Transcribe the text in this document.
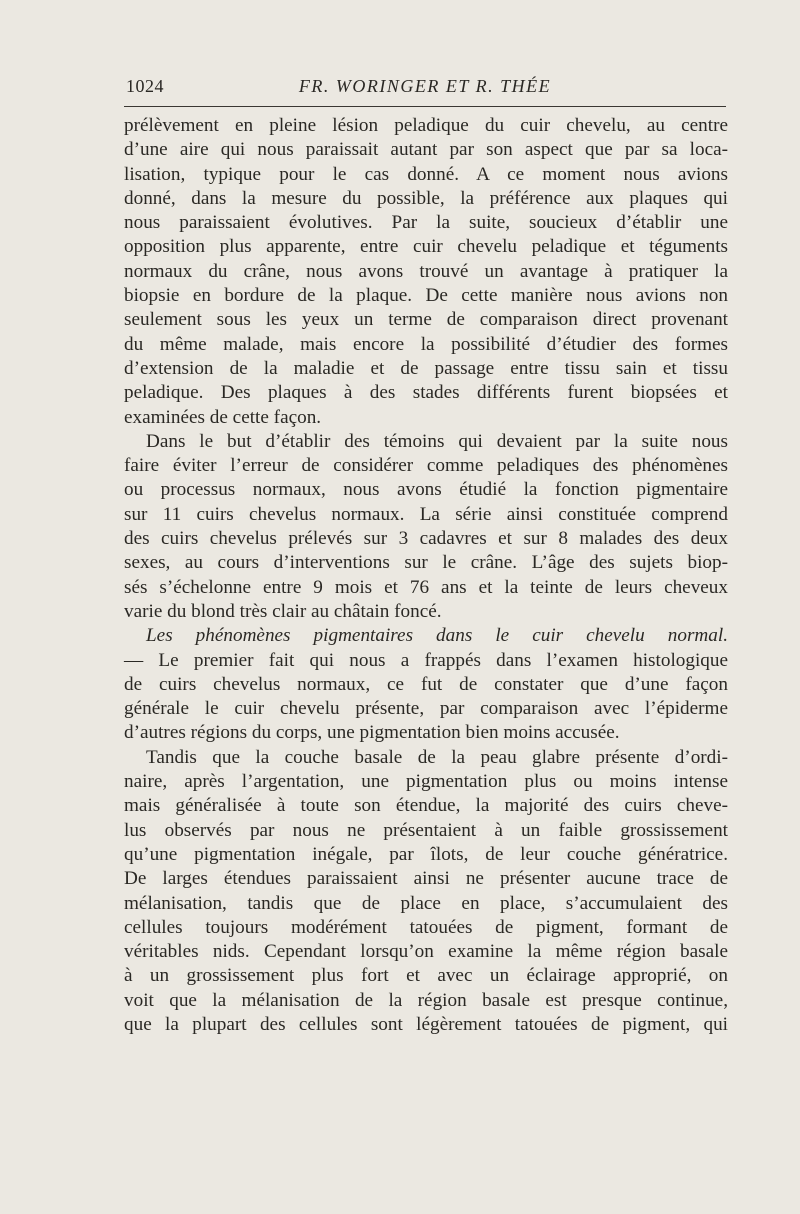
1024	FR. WORINGER ET R. THÉE
prélèvement en pleine lésion peladique du cuir chevelu, au centre
d’une aire qui nous paraissait autant par son aspect que par sa loca-
lisation, typique pour le cas donné. A ce moment nous avions
donné, dans la mesure du possible, la préférence aux plaques qui
nous paraissaient évolutives. Par la suite, soucieux d’établir une
opposition plus apparente, entre cuir chevelu peladique et téguments
normaux du crâne, nous avons trouvé un avantage à pratiquer la
biopsie en bordure de la plaque. De cette manière nous avions non
seulement sous les yeux un terme de comparaison direct provenant
du même malade, mais encore la possibilité d’étudier des formes
d’extension de la maladie et de passage entre tissu sain et tissu
peladique. Des plaques à des stades différents furent biopsées et
examinées de cette façon.
Dans le but d’établir des témoins qui devaient par la suite nous
faire éviter l’erreur de considérer comme peladiques des phénomènes
ou processus normaux, nous avons étudié la fonction pigmentaire
sur 11 cuirs chevelus normaux. La série ainsi constituée comprend
des cuirs chevelus prélevés sur 3 cadavres et sur 8 malades des deux
sexes, au cours d’interventions sur le crâne. L’âge des sujets biop-
sés s’échelonne entre 9 mois et 76 ans et la teinte de leurs cheveux
varie du blond très clair au châtain foncé.
Les phénomènes pigmentaires dans le cuir chevelu normal.
— Le premier fait qui nous a frappés dans l’examen histologique
de cuirs chevelus normaux, ce fut de constater que d’une façon
générale le cuir chevelu présente, par comparaison avec l’épiderme
d’autres régions du corps, une pigmentation bien moins accusée.
Tandis que la couche basale de la peau glabre présente d’ordi-
naire, après l’argentation, une pigmentation plus ou moins intense
mais généralisée à toute son étendue, la majorité des cuirs cheve-
lus observés par nous ne présentaient à un faible grossissement
qu’une pigmentation inégale, par îlots, de leur couche génératrice.
De larges étendues paraissaient ainsi ne présenter aucune trace de
mélanisation, tandis que de place en place, s’accumulaient des
cellules toujours modérément tatouées de pigment, formant de
véritables nids. Cependant lorsqu’on examine la même région basale
à un grossissement plus fort et avec un éclairage approprié, on
voit que la mélanisation de la région basale est presque continue,
que la plupart des cellules sont légèrement tatouées de pigment, qui
